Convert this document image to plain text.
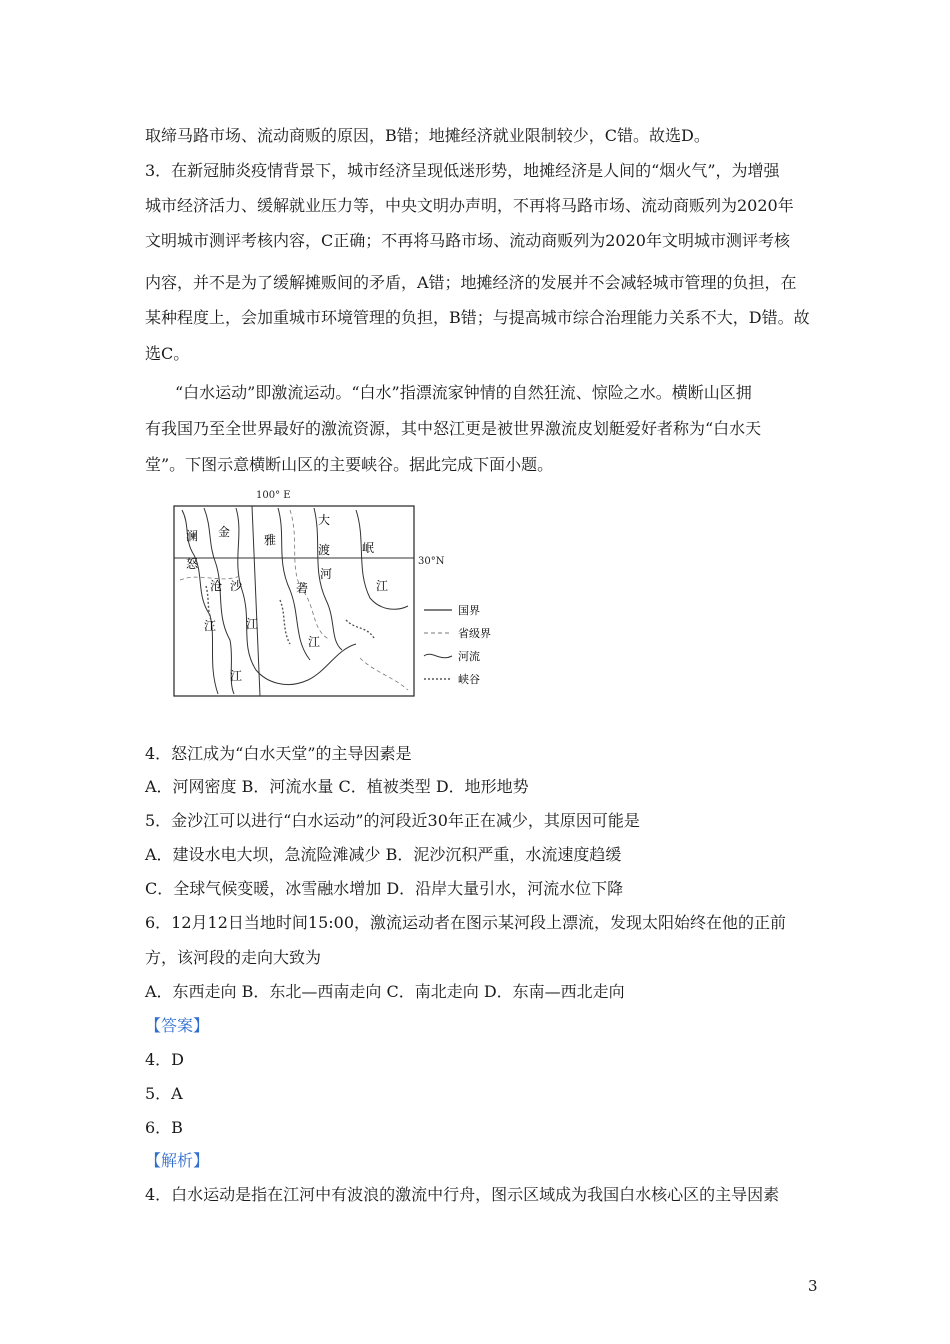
取缔马路市场、流动商贩的原因，B错；地摊经济就业限制较少，C错。故选D。
3．在新冠肺炎疫情背景下，城市经济呈现低迷形势，地摊经济是人间的“烟火气”，为增强
城市经济活力、缓解就业压力等，中央文明办声明，不再将马路市场、流动商贩列为2020年
文明城市测评考核内容，C正确；不再将马路市场、流动商贩列为2020年文明城市测评考核
内容，并不是为了缓解摊贩间的矛盾，A错；地摊经济的发展并不会减轻城市管理的负担，在
某种程度上，会加重城市环境管理的负担，B错；与提高城市综合治理能力关系不大，D错。故
选C。
“白水运动”即激流运动。“白水”指漂流家钟情的自然狂流、惊险之水。横断山区拥
有我国乃至全世界最好的激流资源，其中怒江更是被世界激流皮划艇爱好者称为“白水天
堂”。下图示意横断山区的主要峡谷。据此完成下面小题。
100° E
30°N
澜
怒
金
沙
沧
江
雅
砻
江
大
渡
河
岷
江
江
江
国界
省级界
河流
峡谷
4．怒江成为“白水天堂”的主导因素是
A．河网密度 B．河流水量 C．植被类型 D．地形地势
5．金沙江可以进行“白水运动”的河段近30年正在减少，其原因可能是
A．建设水电大坝，急流险滩减少 B．泥沙沉积严重，水流速度趋缓
C．全球气候变暖，冰雪融水增加 D．沿岸大量引水，河流水位下降
6．12月12日当地时间15:00，激流运动者在图示某河段上漂流，发现太阳始终在他的正前
方，该河段的走向大致为
A．东西走向 B．东北—西南走向 C．南北走向 D．东南—西北走向
【答案】
4．D
5．A
6．B
【解析】
4．白水运动是指在江河中有波浪的激流中行舟，图示区域成为我国白水核心区的主导因素
3
